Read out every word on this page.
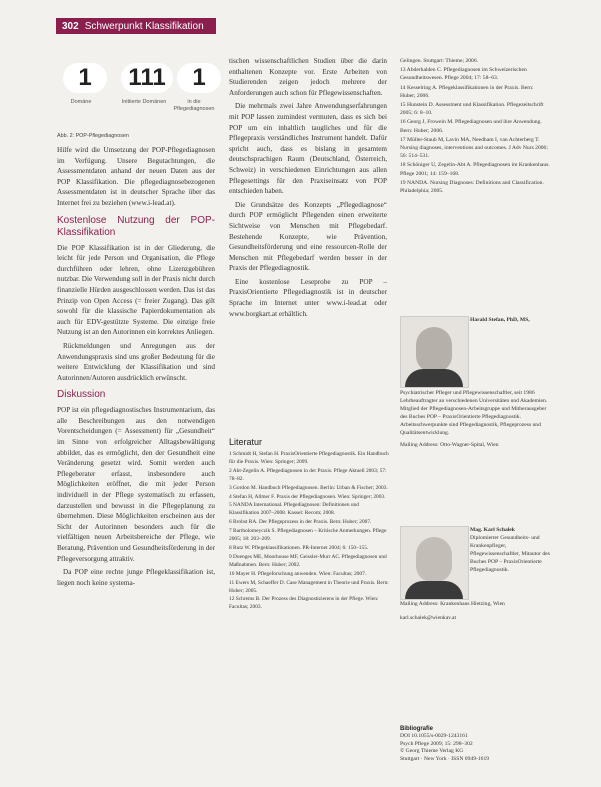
302 Schwerpunkt Klassifikation
1	111	1
Domäne	Initiierte Domänen	in die Pflegediagnosen
Abb. 2: POP-Pflegediagnosen

Hilfe wird die Umsetzung der POP-Pflegediagnosen im Verfügung. Unsere Begutachtungen, die Assessmentdaten anhand der neuen Daten aus der POP Klassifikation. Die pflegediagnosebezogenen Assessmentdaten ist in deutscher Sprache über das Internet frei zu beziehen (www.i-lead.at).

Kostenlose Nutzung der POP-Klassifikation

Die POP Klassifikation ist in der Gliederung, die leicht für jede Person und Organisation, die Pflege durchführen oder lehren, ohne Lizenzgebühren nutzbar. Die Verwendung soll in der Praxis nicht durch finanzielle Hürden ausgeschlossen werden. Das ist das Prinzip von Open Access (= freier Zugang). Das gilt sowohl für die klassische Papierdokumentation als auch für EDV-gestützte Systeme. Die einzige freie Nutzung ist an den Autorinnen ein korrektes Anliegen.

Rückmeldungen und Anregungen aus der Anwendungspraxis sind uns großer Bedeutung für die weitere Entwicklung der Klassifikation und sind Autorinnen/Autoren ausdrücklich erwünscht.

Diskussion

POP ist ein pflegediagnostisches Instrumentarium, das alle Beschreibungen aus den notwendigen Vorentscheidungen (= Assessment) für „Gesundheit“ im Sinne von erfolgreicher Alltagsbewältigung abbildet, das es ermöglicht, den der Gesundheit eine Veränderung gesetzt wird. Somit werden auch Pflegeberater erfasst, insbesondere auch Möglichkeiten eröffnet, die mit jeder Person individuell in der Pflege systematisch zu erfassen, darzustellen und bewusst in die Pflegeplanung zu übernehmen. Diese Möglichkeiten erscheinen aus der Sicht der Autorinnen besonders auch für die vielfältigen neuen Arbeitsbereiche der Pflege, wie Beratung, Prävention und Gesundheitsförderung in der Pflegeversorgung attraktiv.

Da POP eine rechte junge Pflegeklassifikation ist, liegen noch keine systema-

tischen wissenschaftlichen Studien über die darin enthaltenen Konzepte vor. Erste Arbeiten von Studierenden zeigen jedoch mehrere der Anforderungen auch schon für Pflegewissenschaften.

Die mehrmals zwei Jahre Anwendungserfahrungen mit POP lassen zumindest vermuten, dass es sich bei POP um ein inhaltlich taugliches und für die Pflegepraxis verständliches Instrument handelt. Dafür spricht auch, dass es bislang in gesamtem deutschsprachigen Raum (Deutschland, Österreich, Schweiz) in verschiedenen Einrichtungen aus allen Pflegesettings für den Praxiseinsatz von POP entschieden haben.

Die Grundsätze des Konzepts „Pflegediagnose“ durch POP ermöglicht Pflegenden einen erweiterte Sichtweise von Menschen mit Pflegebedarf. Bestehende Konzepte, wie Prävention, Gesundheitsförderung und eine ressourcen-Rolle der Menschen mit Pflegebedarf werden besser in der Praxis der Pflegediagnostik.

Eine kostenlose Leseprobe zu POP – PraxisOrientierte Pflegediagnostik ist in deutscher Sprache im Internet unter www.i-lead.at oder www.borgkart.at erhältlich.

Literatur
1 Schmidt H, Stefan H. PraxisOrientierte Pflegediagnostik. Ein Handbuch für die Praxis. Wien: Springer; 2009.
2 Abt-Zegelin A. Pflegediagnosen in der Praxis. Pflege Aktuell 2003; 57: 78–82.
3 Gordon M. Handbuch Pflegediagnosen. Berlin: Urban & Fischer; 2003.
4 Stefan H, Allmer F. Praxis der Pflegediagnosen. Wien: Springer; 2003.
5 NANDA International. Pflegediagnosen: Definitionen und Klassifikation 2007–2008. Kassel: Recom; 2008.
6 Brobst RA. Der Pflegeprozess in der Praxis. Bern: Huber; 2007.
7 Bartholomeyczik S. Pflegediagnosen – Kritische Anmerkungen. Pflege 2005; 18: 203–209.
8 Rutz W. Pflegeklassifikationen. PR-Internet 2004; 6: 150–155.
9 Doenges ME, Moorhouse MF, Geissler-Murr AC. Pflegediagnosen und Maßnahmen. Bern: Huber; 2002.
10 Mayer H. Pflegeforschung anwenden. Wien: Facultas; 2007.
11 Ewers M, Schaeffer D. Case Management in Theorie und Praxis. Bern: Huber; 2005.
12 Schrems B. Der Prozess des Diagnostizierens in der Pflege. Wien: Facultas; 2003.
Gelingen. Stuttgart: Thieme; 2006.
13 Abderhalden C. Pflegediagnosen im Schweizerischen Gesundheitswesen. Pflege 2004; 17: 58–63.
14 Kesselring A. Pflegeklassifikationen in der Praxis. Bern: Huber; 2006.
15 Hunstein D. Assessment und Klassifikation. Pflegezeitschrift 2005; 6: 8–10.
16 Georg J, Frowein M. Pflegediagnosen und ihre Anwendung. Bern: Huber; 2006.
17 Müller-Staub M, Lavin MA, Needham I, van Achterberg T. Nursing diagnoses, interventions and outcomes. J Adv Nurs 2006; 56: 514–531.
18 Schöniger U, Zegelin-Abt A. Pflegediagnosen im Krankenhaus. Pflege 2001; 14: 159–168.
19 NANDA. Nursing Diagnoses: Definitions and Classification. Philadelphia; 2005.
Harald Stefan, PhD, MS,
Psychiatrischer Pfleger und Pflegewissenschaftler, seit 1986 Lehrbeauftragter an verschiedenen Universitäten und Akademien. Mitglied der Pflegediagnosen-Arbeitsgruppe und Mitherausgeber des Buches POP – PraxisOrientierte Pflegediagnostik. Arbeitsschwerpunkte sind Pflegediagnostik, Pflegeprozess und Qualitätsentwicklung.
Mailing Address: Otto-Wagner-Spital, Wien
Mag. Karl Schalek
Diplomierter Gesundheits- und Krankenpfleger, Pflegewissenschaftler, Mitautor des Buches POP – PraxisOrientierte Pflegediagnostik.
Mailing Address: Krankenhaus Hietzing, Wien
karl.schalek@wienkav.at
Bibliografie
DOI 10.1055/s-0029-1243161
Psych Pflege 2009; 15: 298–302
© Georg Thieme Verlag KG
Stuttgart · New York · ISSN 0949-1619
